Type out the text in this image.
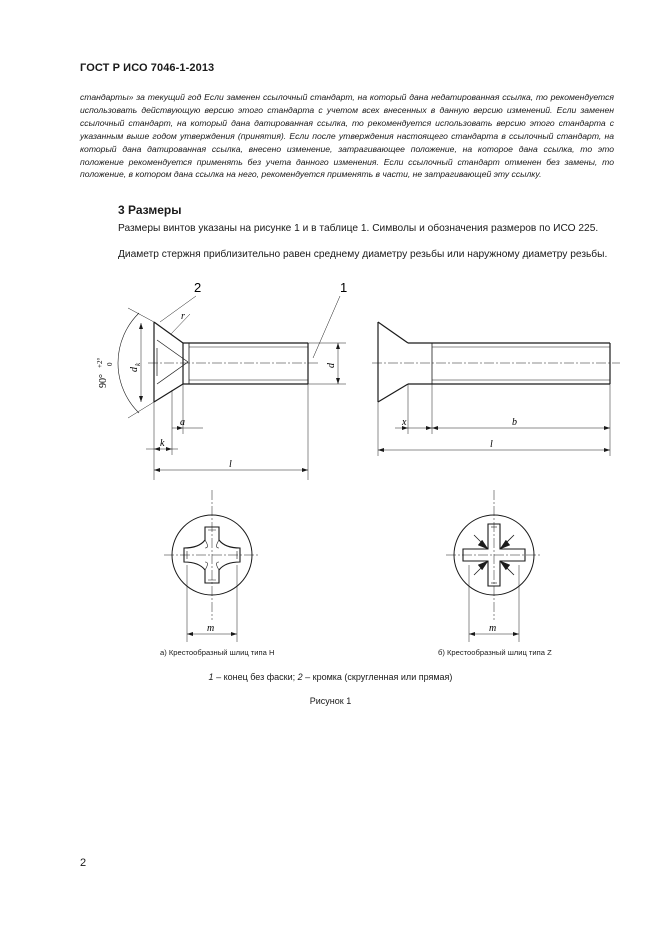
ГОСТ Р ИСО 7046-1-2013
стандарты» за текущий год Если заменен ссылочный стандарт, на который дана недатированная ссылка, то рекомендуется использовать действующую версию этого стандарта с учетом всех внесенных в данную версию изменений. Если заменен ссылочный стандарт, на который дана датированная ссылка, то рекомендуется использовать версию этого стандарта с указанным выше годом утверждения (принятия). Если после утверждения настоящего стандарта в ссылочный стандарт, на который дана датированная ссылка, внесено изменение, затрагивающее положение, на которое дана ссылка, то это положение рекомендуется применять без учета данного изменения. Если ссылочный стандарт отменен без замены, то положение, в котором дана ссылка на него, рекомендуется применять в части, не затрагивающей эту ссылку.
3 Размеры
Размеры винтов указаны на рисунке 1 и в таблице 1. Символы и обозначения размеров по ИСО 225.
Диаметр стержня приблизительно равен среднему диаметру резьбы или наружному диаметру резьбы.
2	1
90°
+2° 0
d
k	d
r
a
k
l
x	b
l
m	m
а) Крестообразный шлиц типа Н	б) Крестообразный шлиц типа Z
1 – конец без фаски; 2 – кромка (скругленная или прямая)
Рисунок 1
2
